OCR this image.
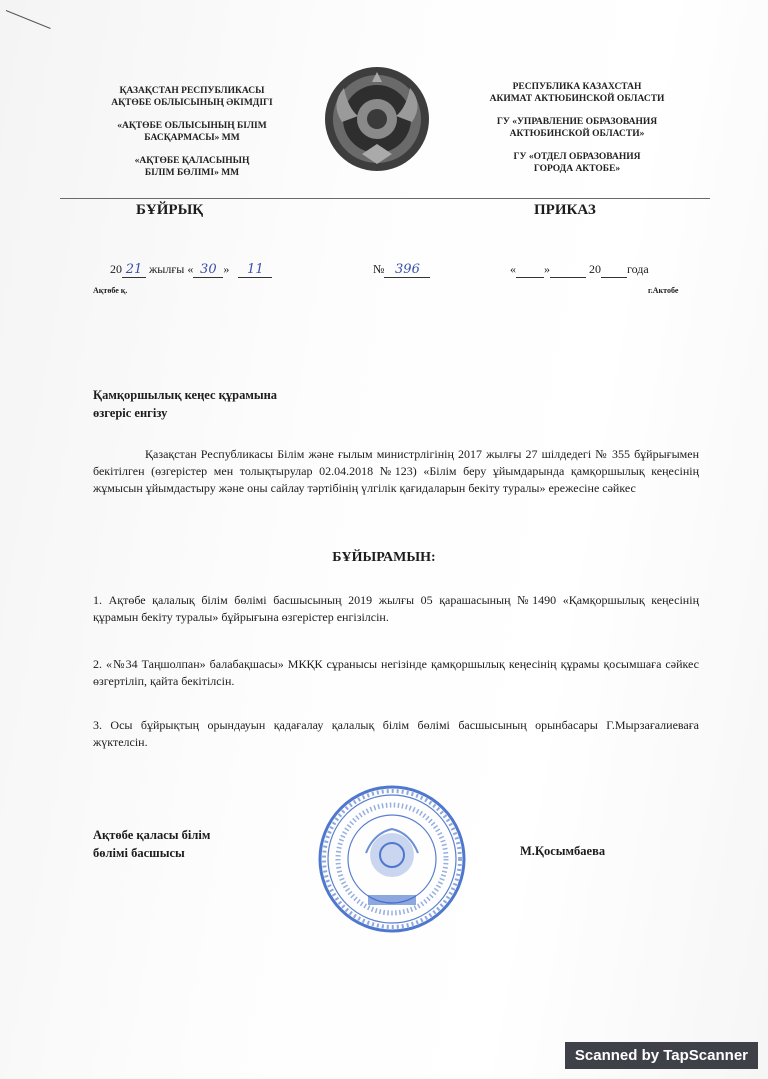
ҚАЗАҚСТАН РЕСПУБЛИКАСЫ
АҚТӨБЕ ОБЛЫСЫНЫҢ ӘКІМДІГІ

«АҚТӨБЕ ОБЛЫСЫНЫҢ БІЛІМ
БАСҚАРМАСЫ» ММ

«АҚТӨБЕ ҚАЛАСЫНЫҢ
БІЛІМ БӨЛІМІ» ММ

РЕСПУБЛИКА КАЗАХСТАН
АКИМАТ АКТЮБИНСКОЙ ОБЛАСТИ

ГУ «УПРАВЛЕНИЕ ОБРАЗОВАНИЯ
АКТЮБИНСКОЙ ОБЛАСТИ»

ГУ «ОТДЕЛ ОБРАЗОВАНИЯ
ГОРОДА АКТОБЕ»

БҰЙРЫҚ	ПРИКАЗ
20 21 жылғы « 30 » 11	№ 396	« »	20 года
Ақтөбе қ.	г.Актобе
Қамқоршылық кеңес құрамына
өзгеріс енгізу
Қазақстан Республикасы Білім және ғылым министрлігінің 2017 жылғы 27 шілдедегі № 355 бұйрығымен бекітілген (өзгерістер мен толықтырулар 02.04.2018 №123) «Білім беру ұйымдарында қамқоршылық кеңесінің жұмысын ұйымдастыру және оны сайлау тәртібінің үлгілік қағидаларын бекіту туралы» ережесіне сәйкес
БҰЙЫРАМЫН:
1. Ақтөбе қалалық білім бөлімі басшысының 2019 жылғы 05 қарашасының №1490 «Қамқоршылық кеңесінің құрамын бекіту туралы» бұйрығына өзгерістер енгізілсін.
2. «№34 Таңшолпан» балабақшасы» МКҚК сұранысы негізінде қамқоршылық кеңесінің құрамы қосымшаға сәйкес өзгертіліп, қайта бекітілсін.
3. Осы бұйрықтың орындауын қадағалау қалалық білім бөлімі басшысының орынбасары Г.Мырзағалиеваға жүктелсін.
Ақтөбе қаласы білім
бөлімі басшысы	М.Қосымбаева
Scanned by TapScanner
